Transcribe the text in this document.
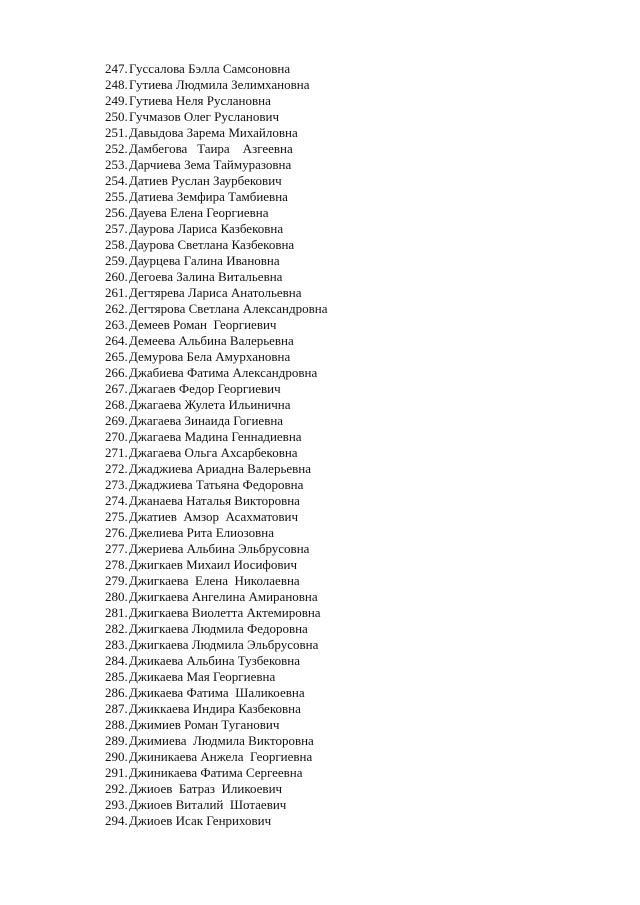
247. Гуссалова Бэлла Самсоновна
248. Гутиева Людмила Зелимхановна
249. Гутиева Неля Руслановна
250. Гучмазов Олег Русланович
251. Давыдова Зарема Михайловна
252. Дамбегова   Таира    Азгеевна
253. Дарчиева Зема Таймуразовна
254. Датиев Руслан Заурбекович
255. Датиева Земфира Тамбиевна
256. Дауева Елена Георгиевна
257. Даурова Лариса Казбековна
258. Даурова Светлана Казбековна
259. Даурцева Галина Ивановна
260. Дегоева Залина Витальевна
261. Дегтярева Лариса Анатольевна
262. Дегтярова Светлана Александровна
263. Демеев Роман  Георгиевич
264. Демеева Альбина Валерьевна
265. Демурова Бела Амурхановна
266. Джабиева Фатима Александровна
267. Джагаев Федор Георгиевич
268. Джагаева Жулета Ильинична
269. Джагаева Зинаида Гогиевна
270. Джагаева Мадина Геннадиевна
271. Джагаева Ольга Ахсарбековна
272. Джаджиева Ариадна Валерьевна
273. Джаджиева Татьяна Федоровна
274. Джанаева Наталья Викторовна
275. Джатиев  Амзор  Асахматович
276. Джелиева Рита Елиозовна
277. Джериева Альбина Эльбрусовна
278. Джигкаев Михаил Иосифович
279. Джигкаева  Елена  Николаевна
280. Джигкаева Ангелина Амирановна
281. Джигкаева Виолетта Актемировна
282. Джигкаева Людмила Федоровна
283. Джигкаева Людмила Эльбрусовна
284. Джикаева Альбина Тузбековна
285. Джикаева Мая Георгиевна
286. Джикаева Фатима  Шаликоевна
287. Джиккаева Индира Казбековна
288. Джимиев Роман Туганович
289. Джимиева  Людмила Викторовна
290. Джиникаева Анжела  Георгиевна
291. Джиникаева Фатима Сергеевна
292. Джиоев  Батраз  Иликоевич
293. Джиоев Виталий  Шотаевич
294. Джиоев Исак Генрихович
